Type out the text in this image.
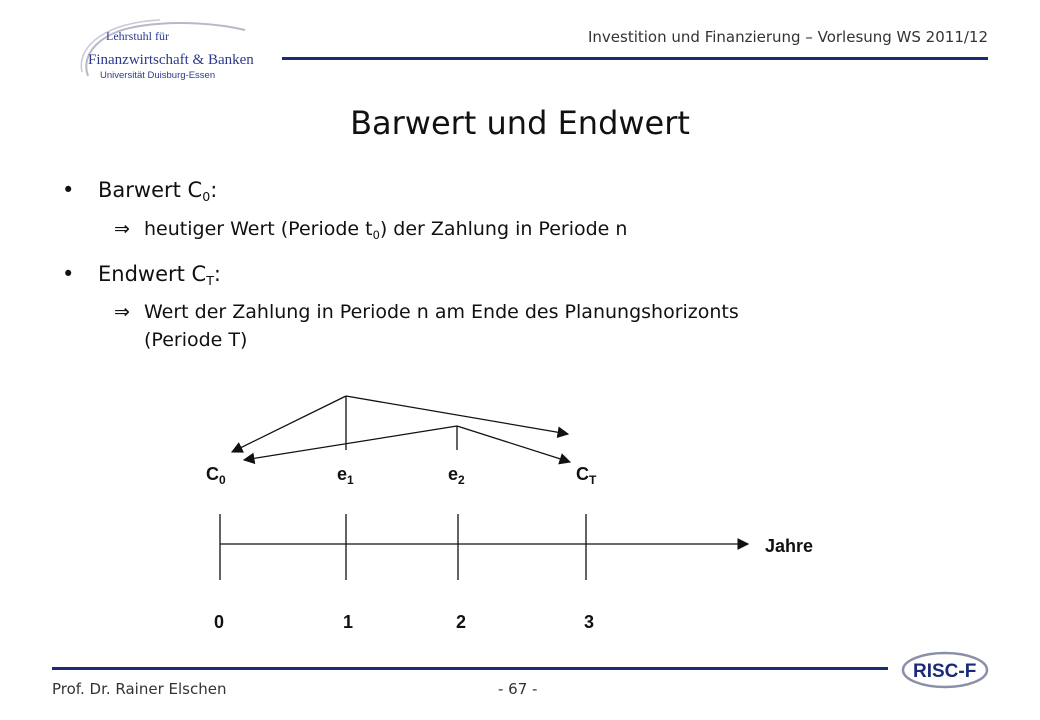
Lehrstuhl für
Finanzwirtschaft & Banken
Universität Duisburg-Essen
Investition und Finanzierung – Vorlesung WS 2011/12
Barwert und Endwert
• Barwert $C_0$:
⇒ heutiger Wert (Periode $t_0$) der Zahlung in Periode n
• Endwert $C_T$:
⇒ Wert der Zahlung in Periode n am Ende des Planungshorizonts
(Periode T)
$C_0$	$e_1$	$e_2$	$C_T$
Jahre
0	1	2	3
Prof. Dr. Rainer Elschen	- 67 -
RISC-F
